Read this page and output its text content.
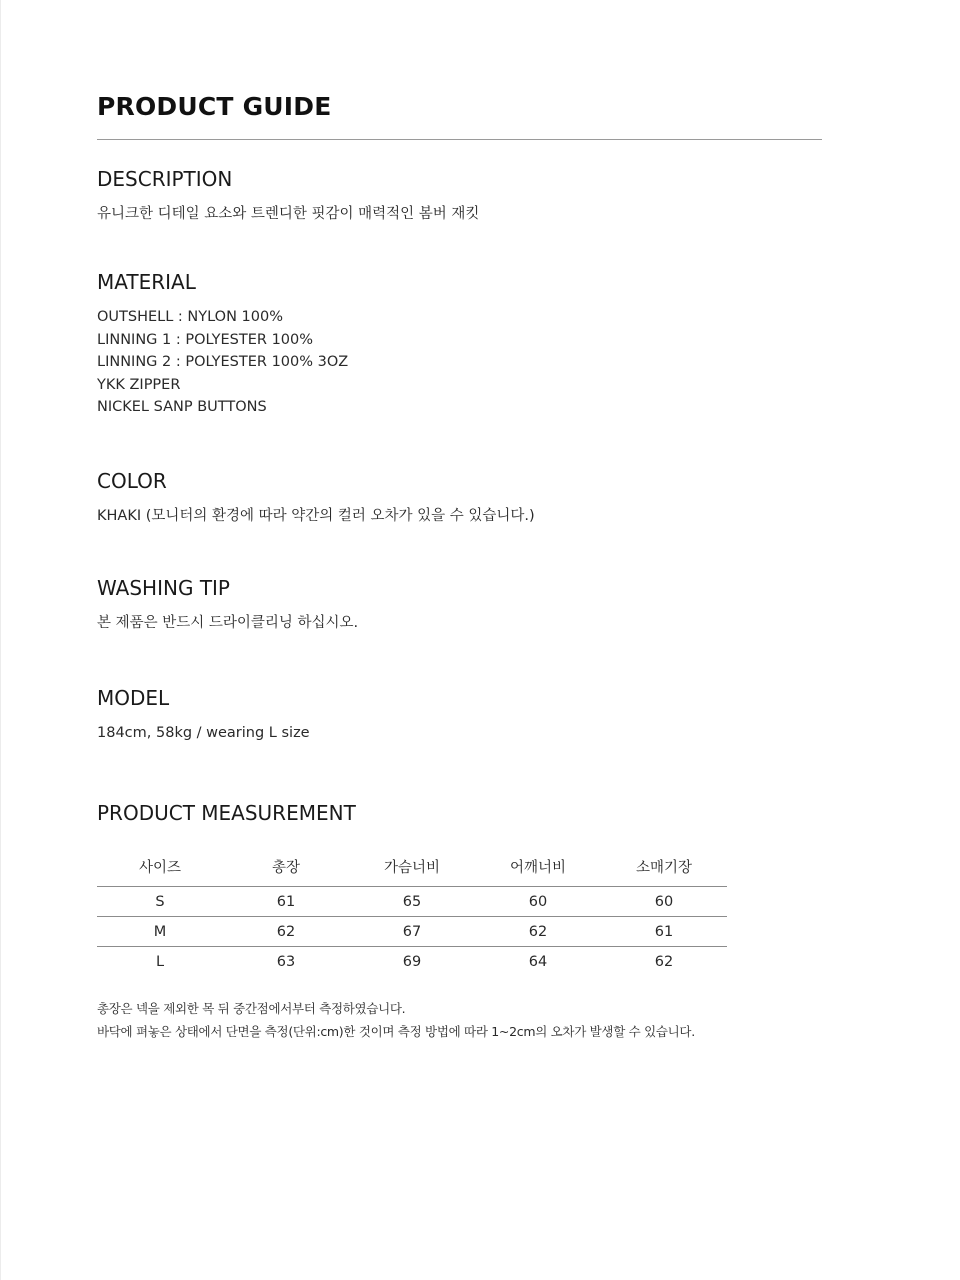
PRODUCT GUIDE
DESCRIPTION
유니크한 디테일 요소와 트렌디한 핏감이 매력적인 봄버 재킷
MATERIAL
OUTSHELL : NYLON 100%
LINNING 1 : POLYESTER 100%
LINNING 2 : POLYESTER 100% 3OZ
YKK ZIPPER
NICKEL SANP BUTTONS
COLOR
KHAKI (모니터의 환경에 따라 약간의 컬러 오차가 있을 수 있습니다.)
WASHING TIP
본 제품은 반드시 드라이클리닝 하십시오.
MODEL
184cm, 58kg / wearing L size
PRODUCT MEASUREMENT
사이즈	총장	가슴너비	어깨너비	소매기장
S	61	65	60	60
M	62	67	62	61
L	63	69	64	62
총장은 넥을 제외한 목 뒤 중간점에서부터 측정하였습니다.
바닥에 펴놓은 상태에서 단면을 측정(단위:cm)한 것이며 측정 방법에 따라 1~2cm의 오차가 발생할 수 있습니다.
